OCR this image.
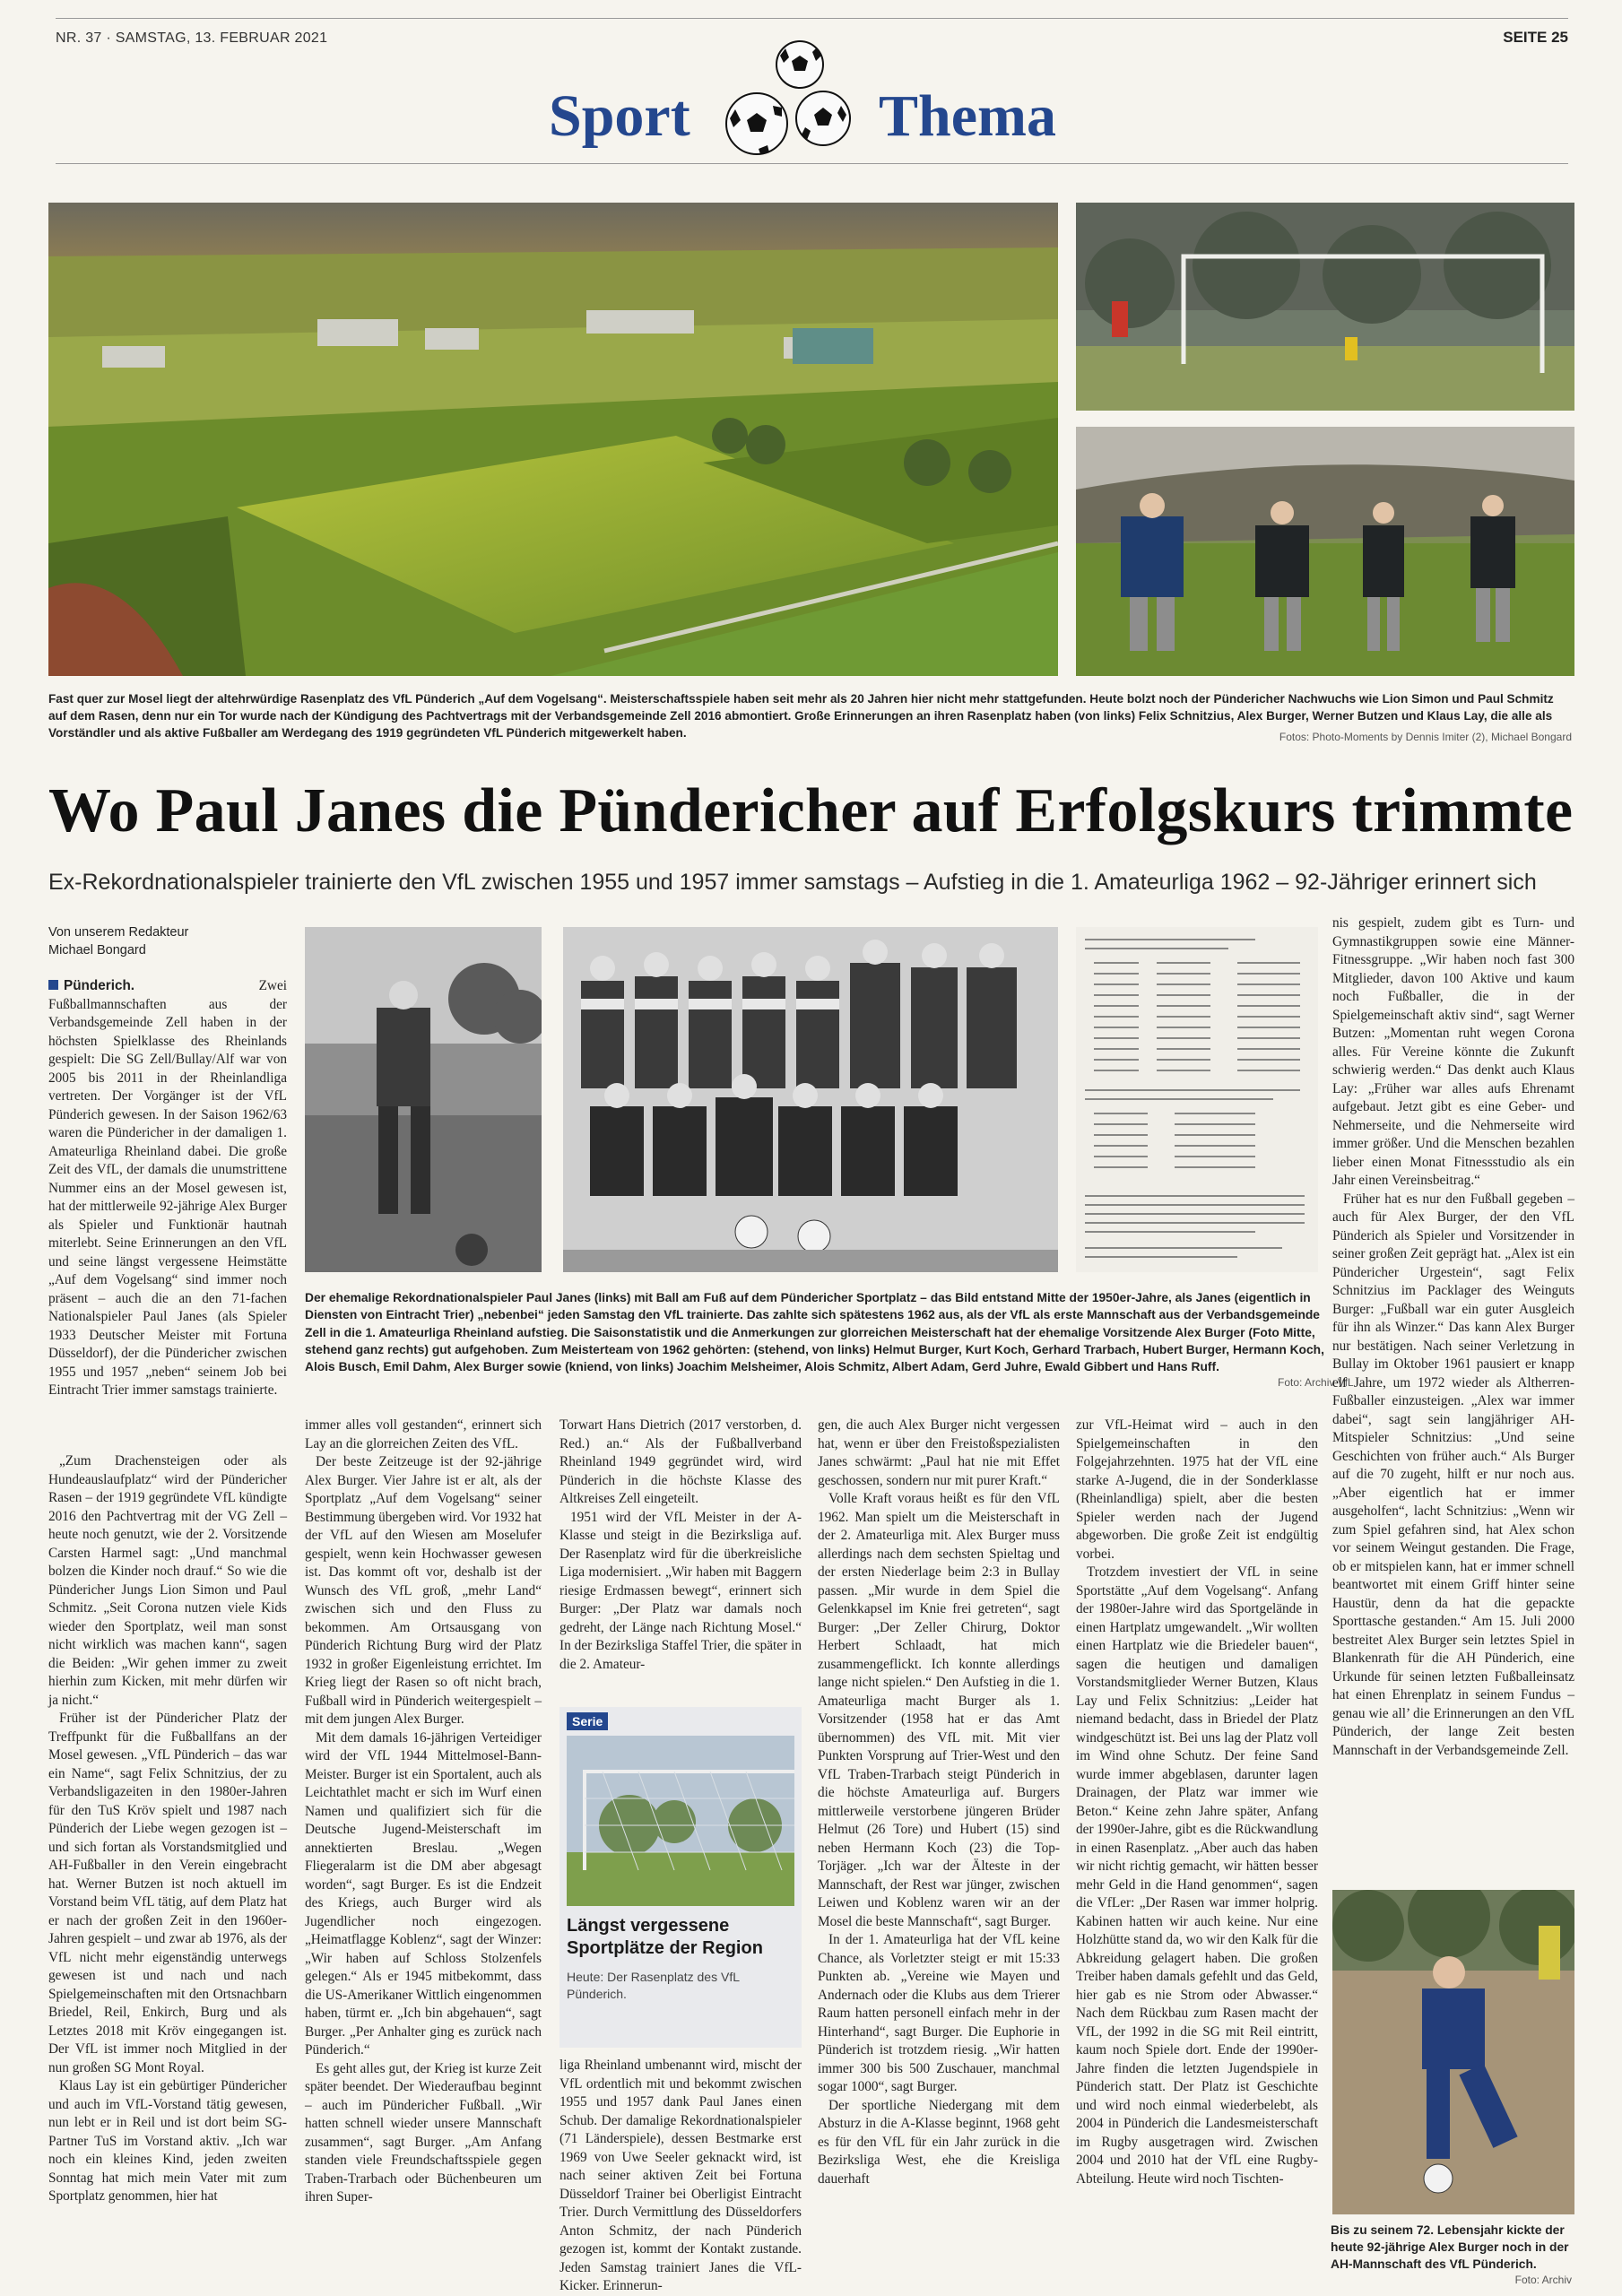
NR. 37 · SAMSTAG, 13. FEBRUAR 2021	SEITE 25
Sport	Thema
Fast quer zur Mosel liegt der altehrwürdige Rasenplatz des VfL Pünderich „Auf dem Vogelsang“. Meisterschaftsspiele haben seit mehr als 20 Jahren hier nicht mehr stattgefunden. Heute bolzt noch der Pündericher Nachwuchs wie Lion Simon und Paul Schmitz auf dem Rasen, denn nur ein Tor wurde nach der Kündigung des Pachtvertrags mit der Verbandsgemeinde Zell 2016 abmontiert. Große Erinnerungen an ihren Rasenplatz haben (von links) Felix Schnitzius, Alex Burger, Werner Butzen und Klaus Lay, die alle als Vorständler und als aktive Fußballer am Werdegang des 1919 gegründeten VfL Pünderich mitgewerkelt haben.	Fotos: Photo-Moments by Dennis Imiter (2), Michael Bongard
Wo Paul Janes die Pündericher auf Erfolgskurs trimmte
Ex-Rekordnationalspieler trainierte den VfL zwischen 1955 und 1957 immer samstags – Aufstieg in die 1. Amateurliga 1962 – 92-Jähriger erinnert sich
Von unserem Redakteur
Michael Bongard
Der ehemalige Rekordnationalspieler Paul Janes (links) mit Ball am Fuß auf dem Pündericher Sportplatz – das Bild entstand Mitte der 1950er-Jahre, als Janes (eigentlich in Diensten von Eintracht Trier) „nebenbei“ jeden Samstag den VfL trainierte. Das zahlte sich spätestens 1962 aus, als der VfL als erste Mannschaft aus der Verbandsgemeinde Zell in die 1. Amateurliga Rheinland aufstieg. Die Saisonstatistik und die Anmerkungen zur glorreichen Meisterschaft hat der ehemalige Vorsitzende Alex Burger (Foto Mitte, stehend ganz rechts) gut aufgehoben. Zum Meisterteam von 1962 gehörten: (stehend, von links) Helmut Burger, Kurt Koch, Gerhard Trarbach, Hubert Burger, Hermann Koch, Alois Busch, Emil Dahm, Alex Burger sowie (kniend, von links) Joachim Melsheimer, Alois Schmitz, Albert Adam, Gerd Juhre, Ewald Gibbert und Hans Ruff.
Foto: Archiv VfL

Pünderich.	Zwei Fußballmannschaften aus der Verbandsgemeinde Zell haben in der höchsten Spielklasse des Rheinlands gespielt: Die SG Zell/Bullay/Alf war von 2005 bis 2011 in der Rheinlandliga vertreten. Der Vorgänger ist der VfL Pünderich gewesen. In der Saison 1962/63 waren die Pündericher in der damaligen 1. Amateurliga Rheinland dabei. Die große Zeit des VfL, der damals die unumstrittene Nummer eins an der Mosel gewesen ist, hat der mittlerweile 92-jährige Alex Burger als Spieler und Funktionär hautnah miterlebt. Seine Erinnerungen an den VfL und seine längst vergessene Heimstätte „Auf dem Vogelsang“ sind immer noch präsent – auch die an den 71-fachen Nationalspieler Paul Janes (als Spieler 1933 Deutscher Meister mit Fortuna Düsseldorf), der die Pündericher zwischen 1955 und 1957 „neben“ seinem Job bei Eintracht Trier immer samstags trainierte.

„Zum Drachensteigen oder als Hundeauslaufplatz“ wird der Pündericher Rasen – der 1919 gegründete VfL kündigte 2016 den Pachtvertrag mit der VG Zell – heute noch genutzt, wie der 2. Vorsitzende Carsten Harmel sagt: „Und manchmal bolzen die Kinder noch drauf.“ So wie die Pündericher Jungs Lion Simon und Paul Schmitz. „Seit Corona nutzen viele Kids wieder den Sportplatz, weil man sonst nicht wirklich was machen kann“, sagen die Beiden: „Wir gehen immer zu zweit hierhin zum Kicken, mit mehr dürfen wir ja nicht.“

Früher ist der Pündericher Platz der Treffpunkt für die Fußballfans an der Mosel gewesen. „VfL Pünderich – das war ein Name“, sagt Felix Schnitzius, der zu Verbandsligazeiten in den 1980er-Jahren für den TuS Kröv spielt und 1987 nach Pünderich der Liebe wegen gezogen ist – und sich fortan als Vorstandsmitglied und AH-Fußballer in den Verein eingebracht hat. Werner Butzen ist noch aktuell im Vorstand beim VfL tätig, auf dem Platz hat er nach der großen Zeit in den 1960er-Jahren gespielt – und zwar ab 1976, als der VfL nicht mehr eigenständig unterwegs gewesen ist und nach und nach Spielgemeinschaften mit den Ortsnachbarn Briedel, Reil, Enkirch, Burg und als Letztes 2018 mit Kröv eingegangen ist. Der VfL ist immer noch Mitglied in der nun großen SG Mont Royal.

Klaus Lay ist ein gebürtiger Pündericher und auch im VfL-Vorstand tätig gewesen, nun lebt er in Reil und ist dort beim SG-Partner TuS im Vorstand aktiv. „Ich war noch ein kleines Kind, jeden zweiten Sonntag hat mich mein Vater mit zum Sportplatz genommen, hier hat

immer alles voll gestanden“, erinnert sich Lay an die glorreichen Zeiten des VfL.

Der beste Zeitzeuge ist der 92-jährige Alex Burger. Vier Jahre ist er alt, als der Sportplatz „Auf dem Vogelsang“ seiner Bestimmung übergeben wird. Vor 1932 hat der VfL auf den Wiesen am Moselufer gespielt, wenn kein Hochwasser gewesen ist. Das kommt oft vor, deshalb ist der Wunsch des VfL groß, „mehr Land“ zwischen sich und den Fluss zu bekommen. Am Ortsausgang von Pünderich Richtung Burg wird der Platz 1932 in großer Eigenleistung errichtet. Im Krieg liegt der Rasen so oft nicht brach, Fußball wird in Pünderich weitergespielt – mit dem jungen Alex Burger.

Mit dem damals 16-jährigen Verteidiger wird der VfL 1944 Mittelmosel-Bann-Meister. Burger ist ein Sportalent, auch als Leichtathlet macht er sich im Wurf einen Namen und qualifiziert sich für die Deutsche Jugend-Meisterschaft im annektierten Breslau. „Wegen Fliegeralarm ist die DM aber abgesagt worden“, sagt Burger. Es ist die Endzeit des Kriegs, auch Burger wird als Jugendlicher noch eingezogen. „Heimatflagge Koblenz“, sagt der Winzer: „Wir haben auf Schloss Stolzenfels gelegen.“ Als er 1945 mitbekommt, dass die US-Amerikaner Wittlich eingenommen haben, türmt er. „Ich bin abgehauen“, sagt Burger. „Per Anhalter ging es zurück nach Pünderich.“

Es geht alles gut, der Krieg ist kurze Zeit später beendet. Der Wiederaufbau beginnt – auch im Pündericher Fußball. „Wir hatten schnell wieder unsere Mannschaft zusammen“, sagt Burger. „Am Anfang standen viele Freundschaftsspiele gegen Traben-Trarbach oder Büchenbeuren um ihren Super-

Torwart Hans Dietrich (2017 verstorben, d. Red.) an.“ Als der Fußballverband Rheinland 1949 gegründet wird, wird Pünderich in die höchste Klasse des Altkreises Zell eingeteilt.

1951 wird der VfL Meister in der A-Klasse und steigt in die Bezirksliga auf. Der Rasenplatz wird für die überkreisliche Liga modernisiert. „Wir haben mit Baggern riesige Erdmassen bewegt“, erinnert sich Burger: „Der Platz war damals noch gedreht, der Länge nach Richtung Mosel.“ In der Bezirksliga Staffel Trier, die später in die 2. Amateur-

Serie
Längst vergessene Sportplätze der Region
Heute: Der Rasenplatz des VfL Pünderich.

liga Rheinland umbenannt wird, mischt der VfL ordentlich mit und bekommt zwischen 1955 und 1957 dank Paul Janes einen Schub. Der damalige Rekordnationalspieler (71 Länderspiele), dessen Bestmarke erst 1969 von Uwe Seeler geknackt wird, ist nach seiner aktiven Zeit bei Fortuna Düsseldorf Trainer bei Oberligist Eintracht Trier. Durch Vermittlung des Düsseldorfers Anton Schmitz, der nach Pünderich gezogen ist, kommt der Kontakt zustande. Jeden Samstag trainiert Janes die VfL-Kicker. Erinnerun-

gen, die auch Alex Burger nicht vergessen hat, wenn er über den Freistoßspezialisten Janes schwärmt: „Paul hat nie mit Effet geschossen, sondern nur mit purer Kraft.“

Volle Kraft voraus heißt es für den VfL 1962. Man spielt um die Meisterschaft in der 2. Amateurliga mit. Alex Burger muss allerdings nach dem sechsten Spieltag und der ersten Niederlage beim 2:3 in Bullay passen. „Mir wurde in dem Spiel die Gelenkkapsel im Knie frei getreten“, sagt Burger: „Der Zeller Chirurg, Doktor Herbert Schlaadt, hat mich zusammengeflickt. Ich konnte allerdings lange nicht spielen.“ Den Aufstieg in die 1. Amateurliga macht Burger als 1. Vorsitzender (1958 hat er das Amt übernommen) des VfL mit. Mit vier Punkten Vorsprung auf Trier-West und den VfL Traben-Trarbach steigt Pünderich in die höchste Amateurliga auf. Burgers mittlerweile verstorbene jüngeren Brüder Helmut (26 Tore) und Hubert (15) sind neben Hermann Koch (23) die Top-Torjäger. „Ich war der Älteste in der Mannschaft, der Rest war jünger, zwischen Leiwen und Koblenz waren wir an der Mosel die beste Mannschaft“, sagt Burger.

In der 1. Amateurliga hat der VfL keine Chance, als Vorletzter steigt er mit 15:33 Punkten ab. „Vereine wie Mayen und Andernach oder die Klubs aus dem Trierer Raum hatten personell einfach mehr in der Hinterhand“, sagt Burger. Die Euphorie in Pünderich ist trotzdem riesig. „Wir hatten immer 300 bis 500 Zuschauer, manchmal sogar 1000“, sagt Burger.

Der sportliche Niedergang mit dem Absturz in die A-Klasse beginnt, 1968 geht es für den VfL für ein Jahr zurück in die Bezirksliga West, ehe die Kreisliga dauerhaft

zur VfL-Heimat wird – auch in den Spielgemeinschaften in den Folgejahrzehnten. 1975 hat der VfL eine starke A-Jugend, die in der Sonderklasse (Rheinlandliga) spielt, aber die besten Spieler werden nach der Jugend abgeworben. Die große Zeit ist endgültig vorbei.

Trotzdem investiert der VfL in seine Sportstätte „Auf dem Vogelsang“. Anfang der 1980er-Jahre wird das Sportgelände in einen Hartplatz umgewandelt. „Wir wollten einen Hartplatz wie die Briedeler bauen“, sagen die heutigen und damaligen Vorstandsmitglieder Werner Butzen, Klaus Lay und Felix Schnitzius: „Leider hat niemand bedacht, dass in Briedel der Platz windgeschützt ist. Bei uns lag der Platz voll im Wind ohne Schutz. Der feine Sand wurde immer abgeblasen, darunter lagen Drainagen, der Platz war immer wie Beton.“ Keine zehn Jahre später, Anfang der 1990er-Jahre, gibt es die Rückwandlung in einen Rasenplatz. „Aber auch das haben wir nicht richtig gemacht, wir hätten besser mehr Geld in die Hand genommen“, sagen die VfLer: „Der Rasen war immer holprig. Kabinen hatten wir auch keine. Nur eine Holzhütte stand da, wo wir den Kalk für die Abkreidung gelagert haben. Die großen Treiber haben damals gefehlt und das Geld, hier gab es nie Strom oder Abwasser.“ Nach dem Rückbau zum Rasen macht der VfL, der 1992 in die SG mit Reil eintritt, kaum noch Spiele dort. Ende der 1990er-Jahre finden die letzten Jugendspiele in Pünderich statt. Der Platz ist Geschichte und wird noch einmal wiederbelebt, als 2004 in Pünderich die Landesmeisterschaft im Rugby ausgetragen wird. Zwischen 2004 und 2010 hat der VfL eine Rugby-Abteilung. Heute wird noch Tischten-

nis gespielt, zudem gibt es Turn- und Gymnastikgruppen sowie eine Männer-Fitnessgruppe. „Wir haben noch fast 300 Mitglieder, davon 100 Aktive und kaum noch Fußballer, die in der Spielgemeinschaft aktiv sind“, sagt Werner Butzen: „Momentan ruht wegen Corona alles. Für Vereine könnte die Zukunft schwierig werden.“ Das denkt auch Klaus Lay: „Früher war alles aufs Ehrenamt aufgebaut. Jetzt gibt es eine Geber- und Nehmerseite, und die Nehmerseite wird immer größer. Und die Menschen bezahlen lieber einen Monat Fitnessstudio als ein Jahr einen Vereinsbeitrag.“

Früher hat es nur den Fußball gegeben – auch für Alex Burger, der den VfL Pünderich als Spieler und Vorsitzender in seiner großen Zeit geprägt hat. „Alex ist ein Pündericher Urgestein“, sagt Felix Schnitzius im Packlager des Weinguts Burger: „Fußball war ein guter Ausgleich für ihn als Winzer.“ Das kann Alex Burger nur bestätigen. Nach seiner Verletzung in Bullay im Oktober 1961 pausiert er knapp elf Jahre, um 1972 wieder als Altherren-Fußballer einzusteigen. „Alex war immer dabei“, sagt sein langjähriger AH-Mitspieler Schnitzius: „Und seine Geschichten von früher auch.“ Als Burger auf die 70 zugeht, hilft er nur noch aus. „Aber eigentlich hat er immer ausgeholfen“, lacht Schnitzius: „Wenn wir zum Spiel gefahren sind, hat Alex schon vor seinem Weingut gestanden. Die Frage, ob er mitspielen kann, hat er immer schnell beantwortet mit einem Griff hinter seine Haustür, denn da hat die gepackte Sporttasche gestanden.“ Am 15. Juli 2000 bestreitet Alex Burger sein letztes Spiel in Blankenrath für die AH Pünderich, eine Urkunde für seinen letzten Fußballeinsatz hat einen Ehrenplatz in seinem Fundus – genau wie all’ die Erinnerungen an den VfL Pünderich, der lange Zeit besten Mannschaft in der Verbandsgemeinde Zell.

Bis zu seinem 72. Lebensjahr kickte der heute 92-jährige Alex Burger noch in der AH-Mannschaft des VfL Pünderich.
Foto: Archiv
